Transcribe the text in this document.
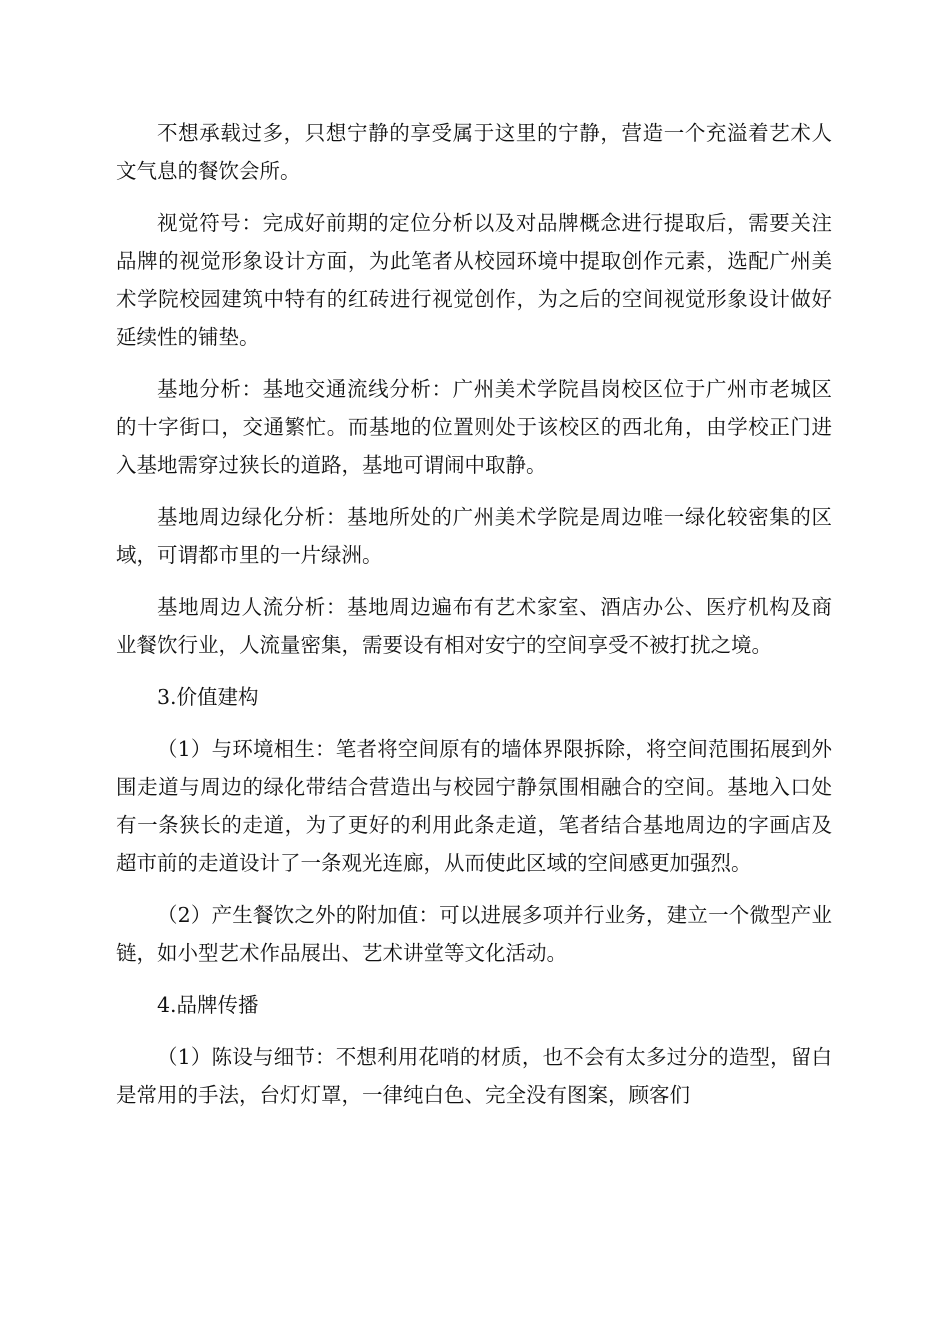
不想承载过多，只想宁静的享受属于这里的宁静，营造一个充溢着艺术人文气息的餐饮会所。

视觉符号：完成好前期的定位分析以及对品牌概念进行提取后，需要关注品牌的视觉形象设计方面，为此笔者从校园环境中提取创作元素，选配广州美术学院校园建筑中特有的红砖进行视觉创作，为之后的空间视觉形象设计做好延续性的铺垫。

基地分析：基地交通流线分析：广州美术学院昌岗校区位于广州市老城区的十字街口，交通繁忙。而基地的位置则处于该校区的西北角，由学校正门进入基地需穿过狭长的道路，基地可谓闹中取静。

基地周边绿化分析：基地所处的广州美术学院是周边唯一绿化较密集的区域，可谓都市里的一片绿洲。

基地周边人流分析：基地周边遍布有艺术家室、酒店办公、医疗机构及商业餐饮行业，人流量密集，需要设有相对安宁的空间享受不被打扰之境。

3.价值建构

（1）与环境相生：笔者将空间原有的墙体界限拆除，将空间范围拓展到外围走道与周边的绿化带结合营造出与校园宁静氛围相融合的空间。基地入口处有一条狭长的走道，为了更好的利用此条走道，笔者结合基地周边的字画店及超市前的走道设计了一条观光连廊，从而使此区域的空间感更加强烈。

（2）产生餐饮之外的附加值：可以进展多项并行业务，建立一个微型产业链，如小型艺术作品展出、艺术讲堂等文化活动。

4.品牌传播

（1）陈设与细节：不想利用花哨的材质，也不会有太多过分的造型，留白是常用的手法，台灯灯罩，一律纯白色、完全没有图案，顾客们
